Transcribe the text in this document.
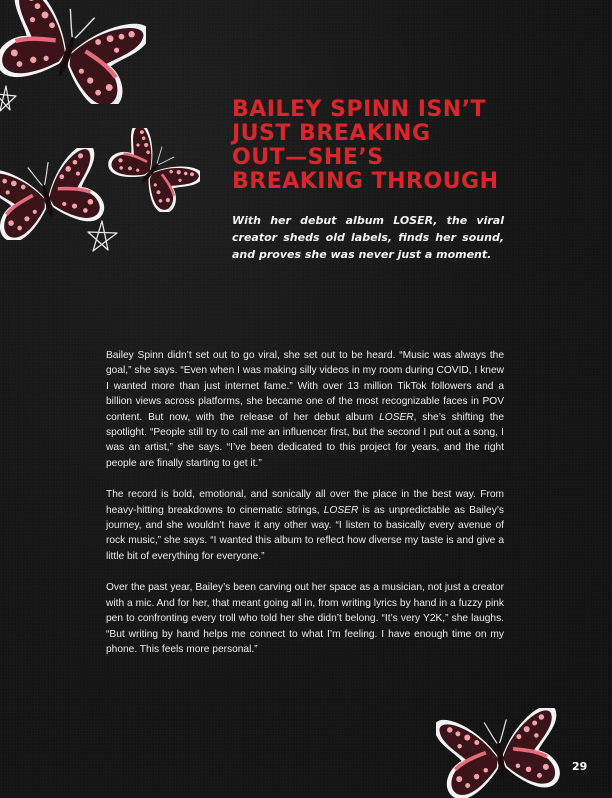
BAILEY SPINN ISN’T
JUST BREAKING
OUT—SHE’S
BREAKING THROUGH

With her debut album LOSER, the viral creator sheds old labels, finds her sound, and proves she was never just a moment.

Bailey Spinn didn’t set out to go viral, she set out to be heard. “Music was always the goal,” she says. “Even when I was making silly videos in my room during COVID, I knew I wanted more than just internet fame.” With over 13 million TikTok followers and a billion views across platforms, she became one of the most recognizable faces in POV content. But now, with the release of her debut album LOSER, she’s shifting the spotlight. “People still try to call me an influencer first, but the second I put out a song, I was an artist,” she says. “I’ve been dedicated to this project for years, and the right people are finally starting to get it.”

The record is bold, emotional, and sonically all over the place in the best way. From heavy-hitting breakdowns to cinematic strings, LOSER is as unpredictable as Bailey’s journey, and she wouldn’t have it any other way. “I listen to basically every avenue of rock music,” she says. “I wanted this album to reflect how diverse my taste is and give a little bit of everything for everyone.”

Over the past year, Bailey’s been carving out her space as a musician, not just a creator with a mic. And for her, that meant going all in, from writing lyrics by hand in a fuzzy pink pen to confronting every troll who told her she didn’t belong. “It’s very Y2K,” she laughs. “But writing by hand helps me connect to what I’m feeling. I have enough time on my phone. This feels more personal.”

29
